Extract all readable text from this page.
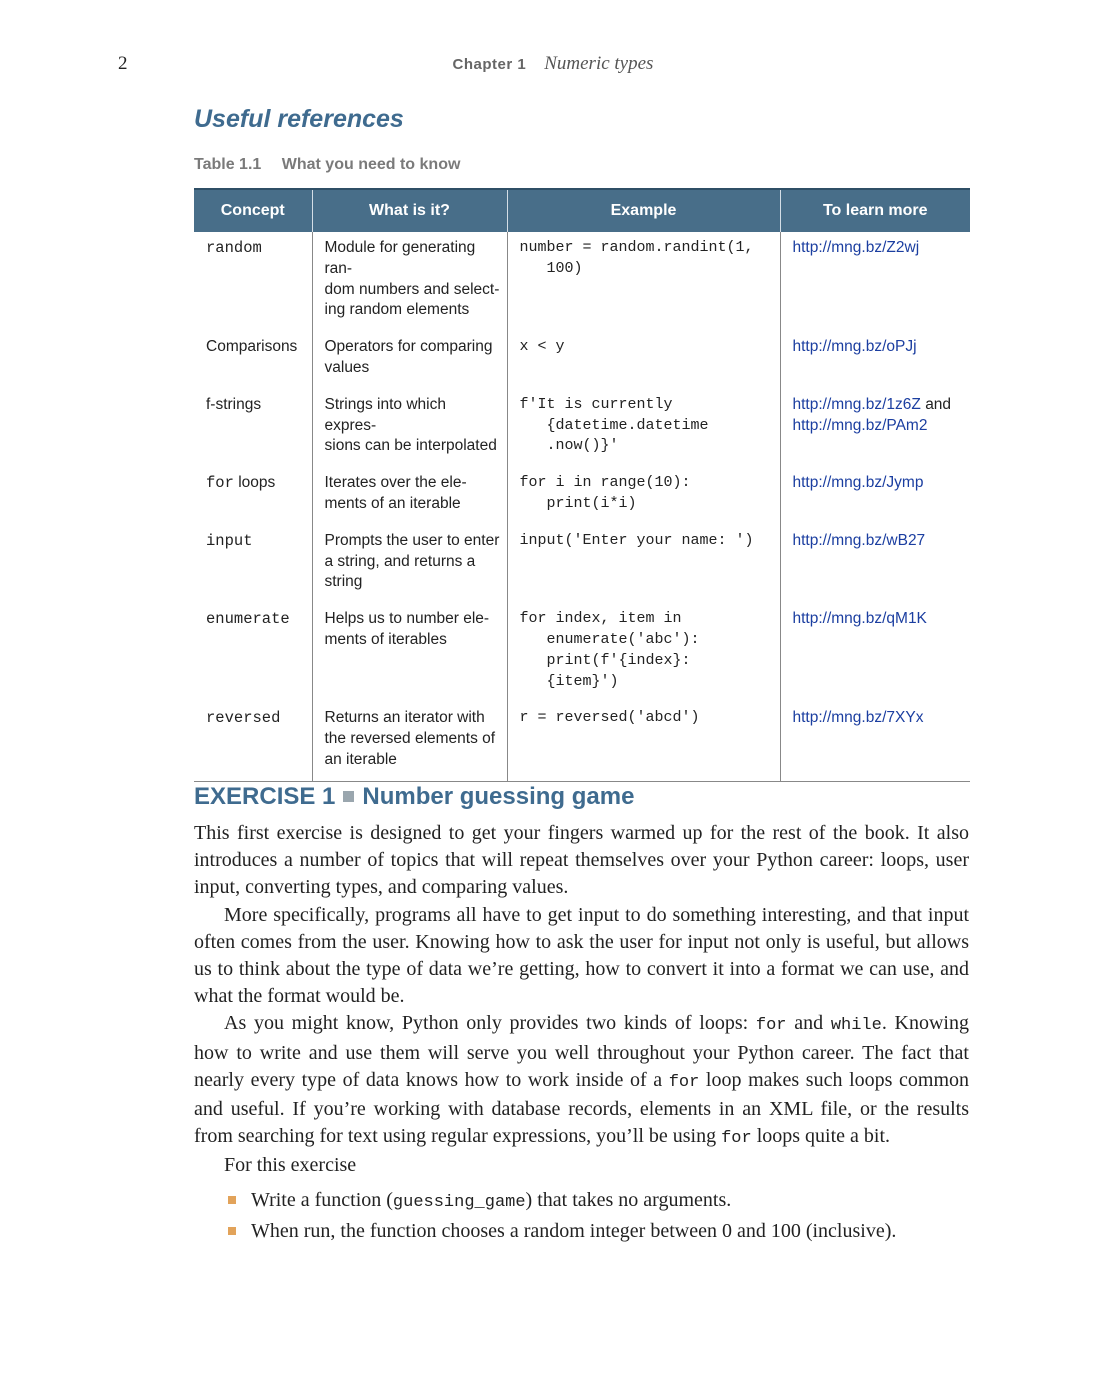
2	Chapter 1 Numeric types
Useful references
Table 1.1 What you need to know
Concept	What is it?	Example	To learn more
random	Module for generating ran-
dom numbers and select-
ing random elements	number = random.randint(1,
100)	http://mng.bz/Z2wj
Comparisons	Operators for comparing
values	x < y	http://mng.bz/oPJj
f-strings	Strings into which expres-
sions can be interpolated	f'It is currently
{datetime.datetime
.now()}'	http://mng.bz/1z6Z and
http://mng.bz/PAm2
for loops	Iterates over the ele-
ments of an iterable	for i in range(10):
print(i*i)	http://mng.bz/Jymp
input	Prompts the user to enter
a string, and returns a
string	input('Enter your name: ')	http://mng.bz/wB27
enumerate	Helps us to number ele-
ments of iterables	for index, item in
enumerate('abc'):
print(f'{index}:
{item}')	http://mng.bz/qM1K
reversed	Returns an iterator with
the reversed elements of
an iterable	r = reversed('abcd')	http://mng.bz/7XYx
EXERCISE 1 Number guessing game

This first exercise is designed to get your fingers warmed up for the rest of the book. It also introduces a number of topics that will repeat themselves over your Python career: loops, user input, converting types, and comparing values.

More specifically, programs all have to get input to do something interesting, and that input often comes from the user. Knowing how to ask the user for input not only is useful, but allows us to think about the type of data we’re getting, how to convert it into a format we can use, and what the format would be.

As you might know, Python only provides two kinds of loops: for and while. Knowing how to write and use them will serve you well throughout your Python career. The fact that nearly every type of data knows how to work inside of a for loop makes such loops common and useful. If you’re working with database records, elements in an XML file, or the results from searching for text using regular expressions, you’ll be using for loops quite a bit.

For this exercise

Write a function (guessing_game) that takes no arguments.
When run, the function chooses a random integer between 0 and 100 (inclusive).
